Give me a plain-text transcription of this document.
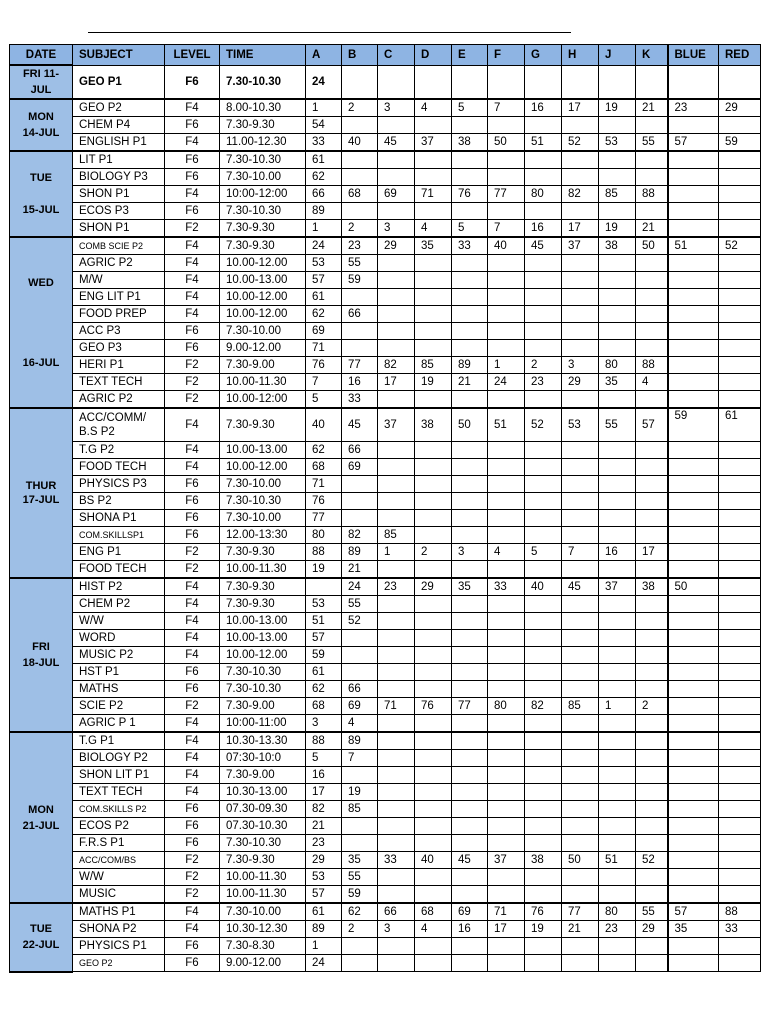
DATE	SUBJECT	LEVEL	TIME	A	B	C	D	E	F	G	H	J	K	BLUE	RED

FRI 11-
JUL	GEO P1	F6	7.30-10.30	24											

MON
14-JUL	GEO P2	F4	8.00-10.30	1	2	3	4	5	7	16	17	19	21	23	29
	CHEM P4	F6	7.30-9.30	54											
	ENGLISH P1	F4	11.00-12.30	33	40	45	37	38	50	51	52	53	55	57	59

TUE

15-JUL	LIT P1	F6	7.30-10.30	61											
	BIOLOGY P3	F6	7.30-10.00	62											
	SHON P1	F4	10:00-12:00	66	68	69	71	76	77	80	82	85	88		
	ECOS P3	F6	7.30-10.30	89											
	SHON P1	F2	7.30-9.30	1	2	3	4	5	7	16	17	19	21		

WED

16-JUL	COMB SCIE P2	F4	7.30-9.30	24	23	29	35	33	40	45	37	38	50	51	52
	AGRIC P2	F4	10.00-12.00	53	55										
	M/W	F4	10.00-13.00	57	59										
	ENG LIT P1	F4	10.00-12.00	61											
	FOOD PREP	F4	10.00-12.00	62	66										
	ACC P3	F6	7.30-10.00	69											
	GEO P3	F6	9.00-12.00	71											
	HERI P1	F2	7.30-9.00	76	77	82	85	89	1	2	3	80	88		
	TEXT TECH	F2	10.00-11.30	7	16	17	19	21	24	23	29	35	4		
	AGRIC P2	F2	10.00-12:00	5	33										

THUR
17-JUL	ACC/COMM/ B.S P2	F4	7.30-9.30	40	45	37	38	50	51	52	53	55	57	59	61
	T.G P2	F4	10.00-13.00	62	66										
	FOOD TECH	F4	10.00-12.00	68	69										
	PHYSICS P3	F6	7.30-10.00	71											
	BS P2	F6	7.30-10.30	76											
	SHONA P1	F6	7.30-10.00	77											
	COM.SKILLSP1	F6	12.00-13:30	80	82	85									
	ENG P1	F2	7.30-9.30	88	89	1	2	3	4	5	7	16	17		
	FOOD TECH	F2	10.00-11.30	19	21										

FRI
18-JUL	HIST P2	F4	7.30-9.30		24	23	29	35	33	40	45	37	38	50	
	CHEM P2	F4	7.30-9.30	53	55										
	W/W	F4	10.00-13.00	51	52										
	WORD	F4	10.00-13.00	57											
	MUSIC P2	F4	10.00-12.00	59											
	HST P1	F6	7.30-10.30	61											
	MATHS	F6	7.30-10.30	62	66										
	SCIE P2	F2	7.30-9.00	68	69	71	76	77	80	82	85	1	2		
	AGRIC P 1	F4	10:00-11:00	3	4										

MON
21-JUL	T.G P1	F4	10.30-13.30	88	89										
	BIOLOGY P2	F4	07:30-10:0	5	7										
	SHON LIT P1	F4	7.30-9.00	16											
	TEXT TECH	F4	10.30-13.00	17	19										
	COM.SKILLS P2	F6	07.30-09.30	82	85										
	ECOS P2	F6	07.30-10.30	21											
	F.R.S P1	F6	7.30-10.30	23											
	ACC/COM/BS	F2	7.30-9.30	29	35	33	40	45	37	38	50	51	52		
	W/W	F2	10.00-11.30	53	55										
	MUSIC	F2	10.00-11.30	57	59										

TUE
22-JUL	MATHS P1	F4	7.30-10.00	61	62	66	68	69	71	76	77	80	55	57	88
	SHONA P2	F4	10.30-12.30	89	2	3	4	16	17	19	21	23	29	35	33
	PHYSICS P1	F6	7.30-8.30	1											
	GEO P2	F6	9.00-12.00	24											
